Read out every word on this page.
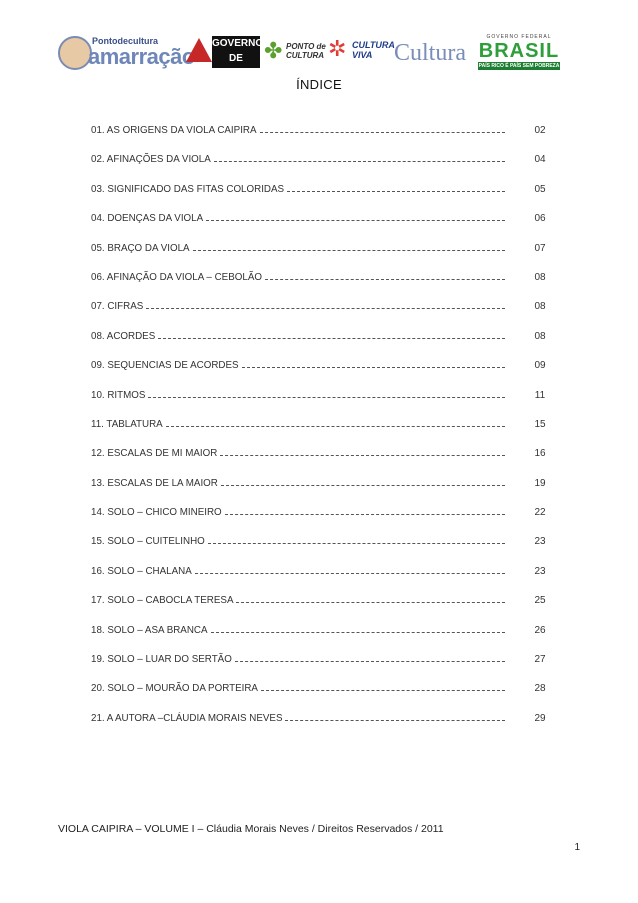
Pontodecultura
amarração
GOVERNO
DE MINAS
✤ PONTO de CULTURA ✲ CULTURA VIVA Cultura
GOVERNO FEDERAL
BRASIL
PAÍS RICO É PAÍS SEM POBREZA
ÍNDICE
01. AS ORIGENS DA VIOLA CAIPIRA	02
02. AFINAÇÕES DA VIOLA	04
03. SIGNIFICADO DAS FITAS COLORIDAS	05
04. DOENÇAS DA VIOLA	06
05. BRAÇO DA VIOLA	07
06. AFINAÇÃO DA VIOLA – CEBOLÃO	08
07. CIFRAS	08
08. ACORDES	08
09. SEQUENCIAS DE ACORDES	09
10. RITMOS	11
11. TABLATURA	15
12. ESCALAS DE MI MAIOR	16
13. ESCALAS DE LA MAIOR	19
14. SOLO – CHICO MINEIRO	22
15. SOLO – CUITELINHO	23
16. SOLO – CHALANA	23
17. SOLO – CABOCLA TERESA	25
18. SOLO – ASA BRANCA	26
19. SOLO – LUAR DO SERTÃO	27
20. SOLO – MOURÃO DA PORTEIRA	28
21. A AUTORA –CLÁUDIA MORAIS NEVES	29

VIOLA CAIPIRA – VOLUME I – Cláudia Morais Neves / Direitos Reservados / 2011

1
